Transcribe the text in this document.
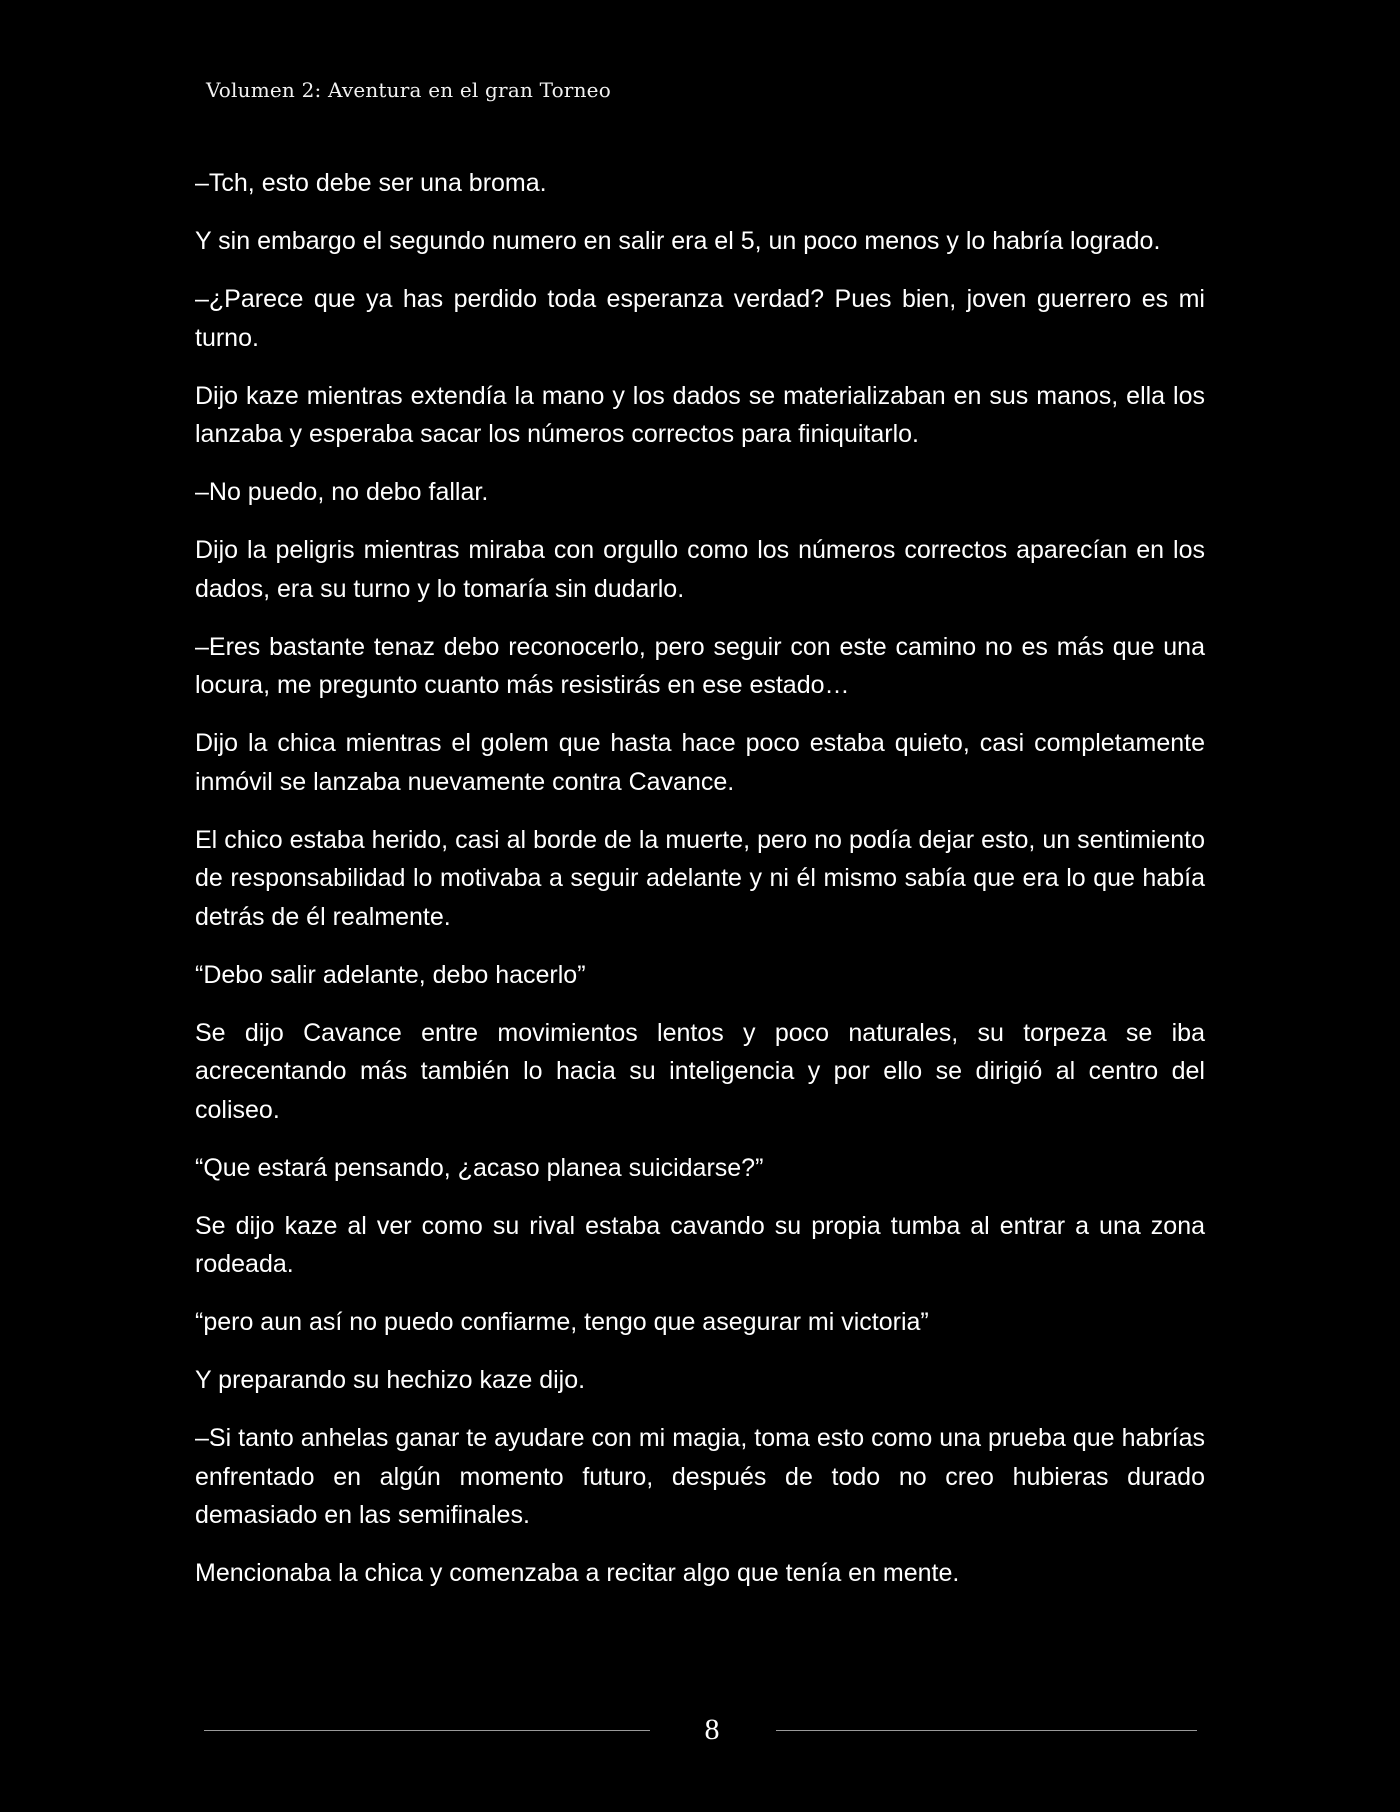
Volumen 2: Aventura en el gran Torneo

–Tch, esto debe ser una broma.

Y sin embargo el segundo numero en salir era el 5, un poco menos y lo habría logrado.

–¿Parece que ya has perdido toda esperanza verdad? Pues bien, joven guerrero es mi turno.

Dijo kaze mientras extendía la mano y los dados se materializaban en sus manos, ella los lanzaba y esperaba sacar los números correctos para finiquitarlo.

–No puedo, no debo fallar.

Dijo la peligris mientras miraba con orgullo como los números correctos aparecían en los dados, era su turno y lo tomaría sin dudarlo.

–Eres bastante tenaz debo reconocerlo, pero seguir con este camino no es más que una locura, me pregunto cuanto más resistirás en ese estado…

Dijo la chica mientras el golem que hasta hace poco estaba quieto, casi completamente inmóvil se lanzaba nuevamente contra Cavance.

El chico estaba herido, casi al borde de la muerte, pero no podía dejar esto, un sentimiento de responsabilidad lo motivaba a seguir adelante y ni él mismo sabía que era lo que había detrás de él realmente.

“Debo salir adelante, debo hacerlo”

Se dijo Cavance entre movimientos lentos y poco naturales, su torpeza se iba acrecentando más también lo hacia su inteligencia y por ello se dirigió al centro del coliseo.

“Que estará pensando, ¿acaso planea suicidarse?”

Se dijo kaze al ver como su rival estaba cavando su propia tumba al entrar a una zona rodeada.

“pero aun así no puedo confiarme, tengo que asegurar mi victoria”

Y preparando su hechizo kaze dijo.

–Si tanto anhelas ganar te ayudare con mi magia, toma esto como una prueba que habrías enfrentado en algún momento futuro, después de todo no creo hubieras durado demasiado en las semifinales.

Mencionaba la chica y comenzaba a recitar algo que tenía en mente.

8
